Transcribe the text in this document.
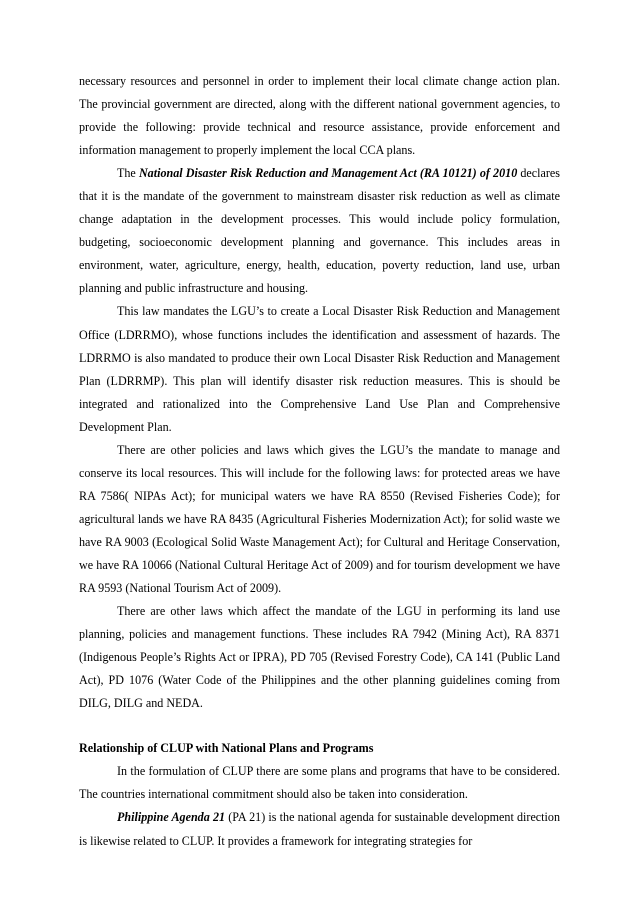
necessary resources and personnel in order to implement their local climate change action plan. The provincial government are directed, along with the different national government agencies, to provide the following: provide technical and resource assistance, provide enforcement and information management to properly implement the local CCA plans.

The National Disaster Risk Reduction and Management Act (RA 10121) of 2010 declares that it is the mandate of the government to mainstream disaster risk reduction as well as climate change adaptation in the development processes. This would include policy formulation, budgeting, socioeconomic development planning and governance. This includes areas in environment, water, agriculture, energy, health, education, poverty reduction, land use, urban planning and public infrastructure and housing.

This law mandates the LGU’s to create a Local Disaster Risk Reduction and Management Office (LDRRMO), whose functions includes the identification and assessment of hazards. The LDRRMO is also mandated to produce their own Local Disaster Risk Reduction and Management Plan (LDRRMP). This plan will identify disaster risk reduction measures. This is should be integrated and rationalized into the Comprehensive Land Use Plan and Comprehensive Development Plan.

There are other policies and laws which gives the LGU’s the mandate to manage and conserve its local resources. This will include for the following laws: for protected areas we have RA 7586( NIPAs Act); for municipal waters we have RA 8550 (Revised Fisheries Code); for agricultural lands we have RA 8435 (Agricultural Fisheries Modernization Act); for solid waste we have RA 9003 (Ecological Solid Waste Management Act); for Cultural and Heritage Conservation, we have RA 10066 (National Cultural Heritage Act of 2009) and for tourism development we have RA 9593 (National Tourism Act of 2009).

There are other laws which affect the mandate of the LGU in performing its land use planning, policies and management functions. These includes RA 7942 (Mining Act), RA 8371 (Indigenous People’s Rights Act or IPRA), PD 705 (Revised Forestry Code), CA 141 (Public Land Act), PD 1076 (Water Code of the Philippines and the other planning guidelines coming from DILG, DILG and NEDA.

Relationship of CLUP with National Plans and Programs

In the formulation of CLUP there are some plans and programs that have to be considered. The countries international commitment should also be taken into consideration.

Philippine Agenda 21 (PA 21) is the national agenda for sustainable development direction is likewise related to CLUP. It provides a framework for integrating strategies for
